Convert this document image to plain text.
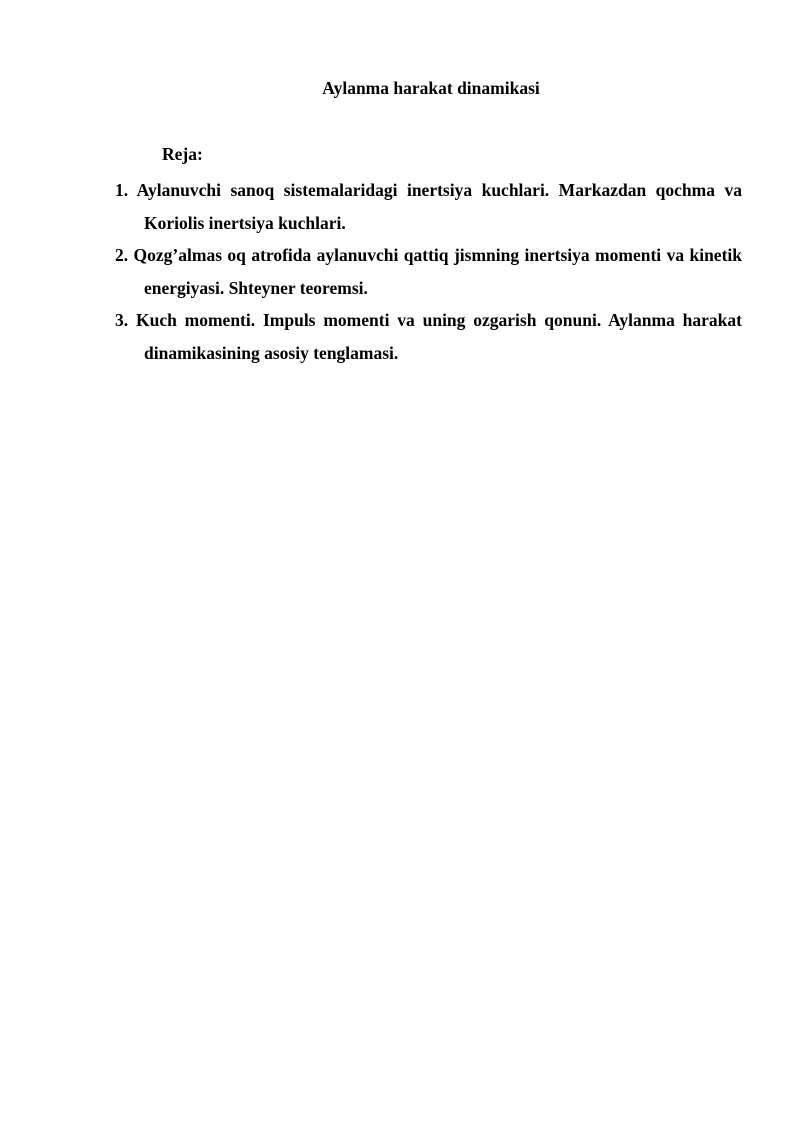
Aylanma harakat dinamikasi
Reja:
1. Aylanuvchi sanoq sistemalaridagi inertsiya kuchlari. Markazdan qochma va Koriolis inertsiya kuchlari.
2. Qozg’almas oq atrofida aylanuvchi qattiq jismning inertsiya momenti va kinetik energiyasi. Shteyner teoremsi.
3. Kuch momenti. Impuls momenti va uning ozgarish qonuni. Aylanma harakat dinamikasining asosiy tenglamasi.
